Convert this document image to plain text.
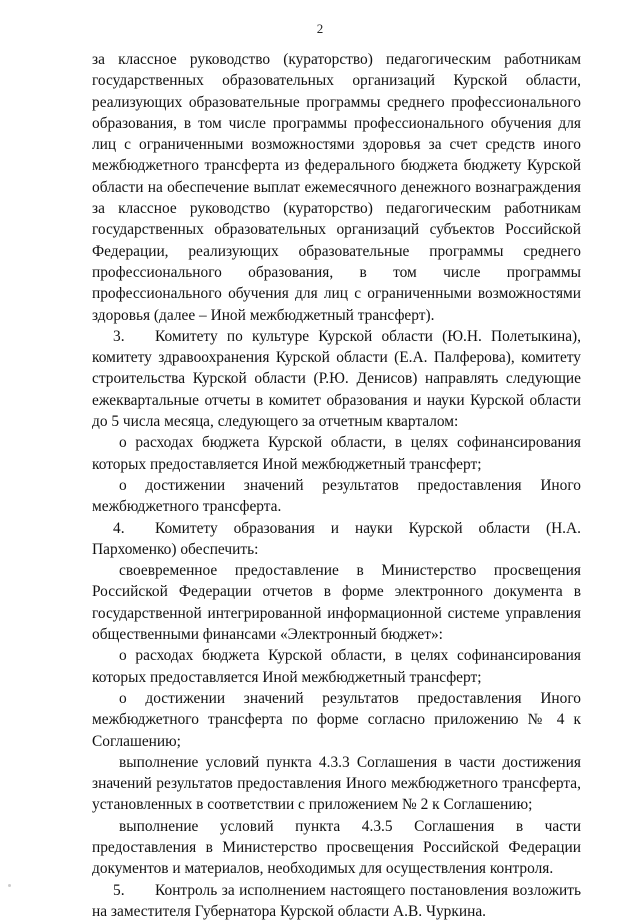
2

за классное руководство (кураторство) педагогическим работникам государственных образовательных организаций Курской области, реализующих образовательные программы среднего профессионального образования, в том числе программы профессионального обучения для лиц с ограниченными возможностями здоровья за счет средств иного межбюджетного трансферта из федерального бюджета бюджету Курской области на обеспечение выплат ежемесячного денежного вознаграждения за классное руководство (кураторство) педагогическим работникам государственных образовательных организаций субъектов Российской Федерации, реализующих образовательные программы среднего профессионального образования, в том числе программы профессионального обучения для лиц с ограниченными возможностями здоровья (далее – Иной межбюджетный трансферт).

3. Комитету по культуре Курской области (Ю.Н. Полетыкина), комитету здравоохранения Курской области (Е.А. Палферова), комитету строительства Курской области (Р.Ю. Денисов) направлять следующие ежеквартальные отчеты в комитет образования и науки Курской области до 5 числа месяца, следующего за отчетным кварталом:

о расходах бюджета Курской области, в целях софинансирования которых предоставляется Иной межбюджетный трансферт;

о достижении значений результатов предоставления Иного межбюджетного трансферта.

4. Комитету образования и науки Курской области (Н.А. Пархоменко) обеспечить:

своевременное предоставление в Министерство просвещения Российской Федерации отчетов в форме электронного документа в государственной интегрированной информационной системе управления общественными финансами «Электронный бюджет»:

о расходах бюджета Курской области, в целях софинансирования которых предоставляется Иной межбюджетный трансферт;

о достижении значений результатов предоставления Иного межбюджетного трансферта по форме согласно приложению № 4 к Соглашению;

выполнение условий пункта 4.3.3 Соглашения в части достижения значений результатов предоставления Иного межбюджетного трансферта, установленных в соответствии с приложением № 2 к Соглашению;

выполнение условий пункта 4.3.5 Соглашения в части предоставления в Министерство просвещения Российской Федерации документов и материалов, необходимых для осуществления контроля.

5. Контроль за исполнением настоящего постановления возложить на заместителя Губернатора Курской области А.В. Чуркина.
